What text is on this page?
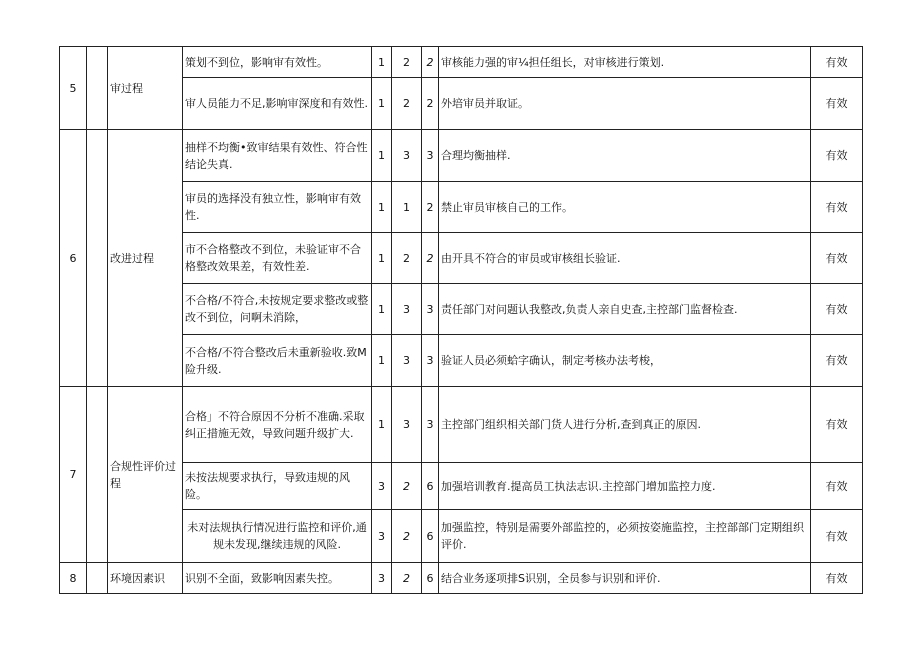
5		审过程	策划不到位，影响审有效性。	1	2	2	审核能力强的审¼担任组长，对审核进行策划.	有效
			审人员能力不足,影响审深度和有效性.	1	2	2	外培审员并取证。	有效
6		改进过程	抽样不均衡•致审结果有效性、符合性结论失真.	1	3	3	合理均衡抽样.	有效
			审员的选择没有独立性，影响审有效性.	1	1	2	禁止审员审核自己的工作。	有效
			市不合格整改不到位，未验证审不合格整改效果差，有效性差.	1	2	2	由开具不符合的审员或审核组长验证.	有效
			不合格/不符合,未按规定要求整改或整改不到位，问啊未消除，	1	3	3	责任部门对问题认我整改,负责人亲自史查,主控部门监督检查.	有效
			不合格/不符合整改后未重新验收.致M险升级.	1	3	3	验证人员必须蛤字确认，制定考核办法考梭，	有效
7		合规性评价过程	合格」不符合原因不分析不准确.采取纠正措施无效，导致问题升级扩大.	1	3	3	主控部门组织相关部门货人进行分析,查到真正的原因.	有效
			未按法规要求执行，导致违规的风险。	3	2	6	加强培训教育.提高员工执法志识.主控部门增加监控力度.	有效
			未对法规执行情况进行监控和评价,通规未发现,继续违规的风险.	3	2	6	加强监控，特别是需要外部监控的，必须按姿施监控，主控部部门定期组织评价.	有效
8		环境因素识	识别不全面，致影响因素失控。	3	2	6	结合业务逐项排S识别，全员参与识别和评价.	有效
